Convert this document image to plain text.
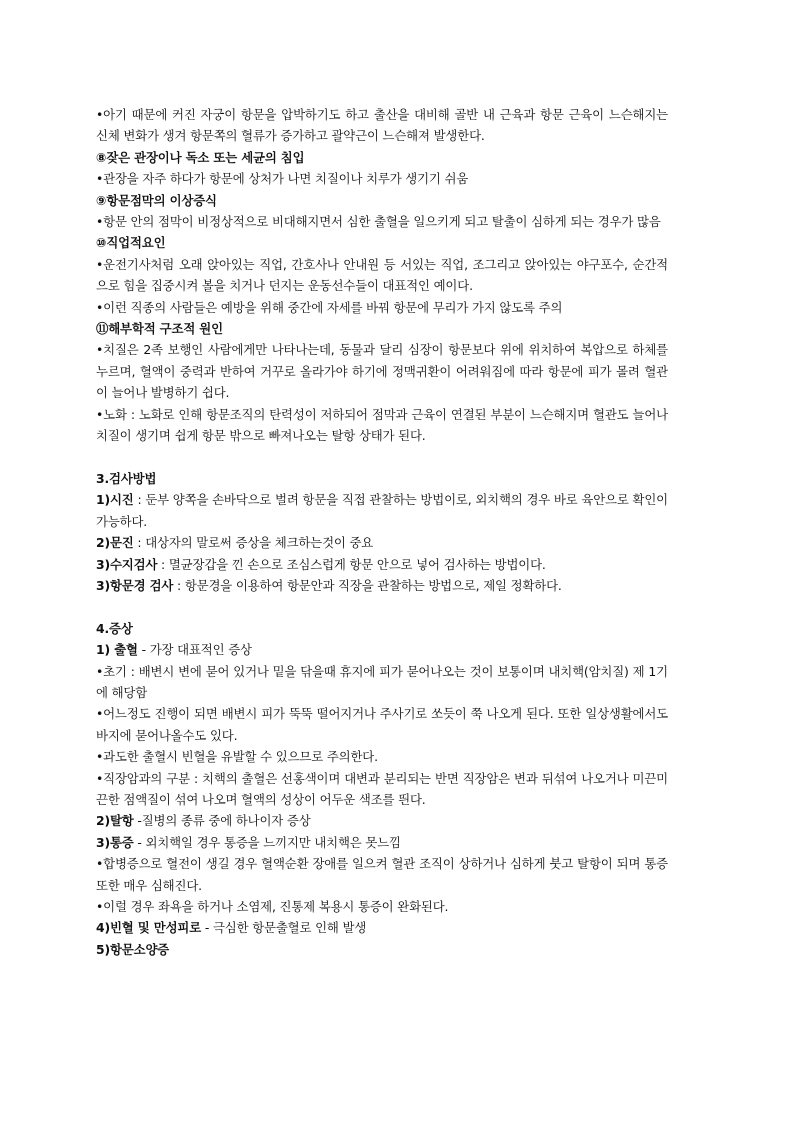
•아기 때문에 커진 자궁이 항문을 압박하기도 하고 출산을 대비해 골반 내 근육과 항문 근육이 느슨해지는 신체 변화가 생겨 항문쪽의 혈류가 증가하고 괄약근이 느슨해져 발생한다.

⑧잦은 관장이나 독소 또는 세균의 침입

•관장을 자주 하다가 항문에 상처가 나면 치질이나 치루가 생기기 쉬움

⑨항문점막의 이상증식

•항문 안의 점막이 비정상적으로 비대해지면서 심한 출혈을 일으키게 되고 탈출이 심하게 되는 경우가 많음

⑩직업적요인

•운전기사처럼 오래 앉아있는 직업, 간호사나 안내원 등 서있는 직업, 조그리고 앉아있는 야구포수, 순간적으로 힘을 집중시켜 볼을 치거나 던지는 운동선수들이 대표적인 예이다.

•이런 직종의 사람들은 예방을 위해 중간에 자세를 바꿔 항문에 무리가 가지 않도록 주의

⑪해부학적 구조적 원인

•치질은 2족 보행인 사람에게만 나타나는데, 동물과 달리 심장이 항문보다 위에 위치하여 복압으로 하체를 누르며, 혈액이 중력과 반하여 거꾸로 올라가야 하기에 정맥귀환이 어려워짐에 따라 항문에 피가 몰려 혈관이 늘어나 발병하기 쉽다.

•노화 : 노화로 인해 항문조직의 탄력성이 저하되어 점막과 근육이 연결된 부분이 느슨해지며 혈관도 늘어나 치질이 생기며 쉽게 항문 밖으로 빠져나오는 탈항 상태가 된다.

3.검사방법

1)시진 : 둔부 양쪽을 손바닥으로 벌려 항문을 직접 관찰하는 방법이로, 외치핵의 경우 바로 육안으로 확인이 가능하다.

2)문진 : 대상자의 말로써 증상을 체크하는것이 중요

3)수지검사 : 멸균장갑을 낀 손으로 조심스럽게 항문 안으로 넣어 검사하는 방법이다.

3)항문경 검사 : 항문경을 이용하여 항문안과 직장을 관찰하는 방법으로, 제일 정확하다.

4.증상

1) 출혈 - 가장 대표적인 증상

•초기 : 배변시 변에 묻어 있거나 밑을 닦을때 휴지에 피가 묻어나오는 것이 보통이며 내치핵(암치질) 제 1기에 해당함

•어느정도 진행이 되면 배변시 피가 뚝뚝 떨어지거나 주사기로 쏘듯이 쭉 나오게 된다. 또한 일상생활에서도 바지에 묻어나올수도 있다.

•과도한 출혈시 빈혈을 유발할 수 있으므로 주의한다.

•직장암과의 구분 : 치핵의 출혈은 선홍색이며 대변과 분리되는 반면 직장암은 변과 뒤섞여 나오거나 미끈미끈한 점액질이 섞여 나오며 혈액의 성상이 어두운 색조를 띈다.

2)탈항 -질병의 종류 중에 하나이자 증상

3)통증 - 외치핵일 경우 통증을 느끼지만 내치핵은 못느낌

•합병증으로 혈전이 생길 경우 혈액순환 장애를 일으켜 혈관 조직이 상하거나 심하게 붓고 탈항이 되며 통증 또한 매우 심해진다.

•이럴 경우 좌욕을 하거나 소염제, 진통제 복용시 통증이 완화된다.

4)빈혈 및 만성피로 - 극심한 항문출혈로 인해 발생

5)항문소양증
